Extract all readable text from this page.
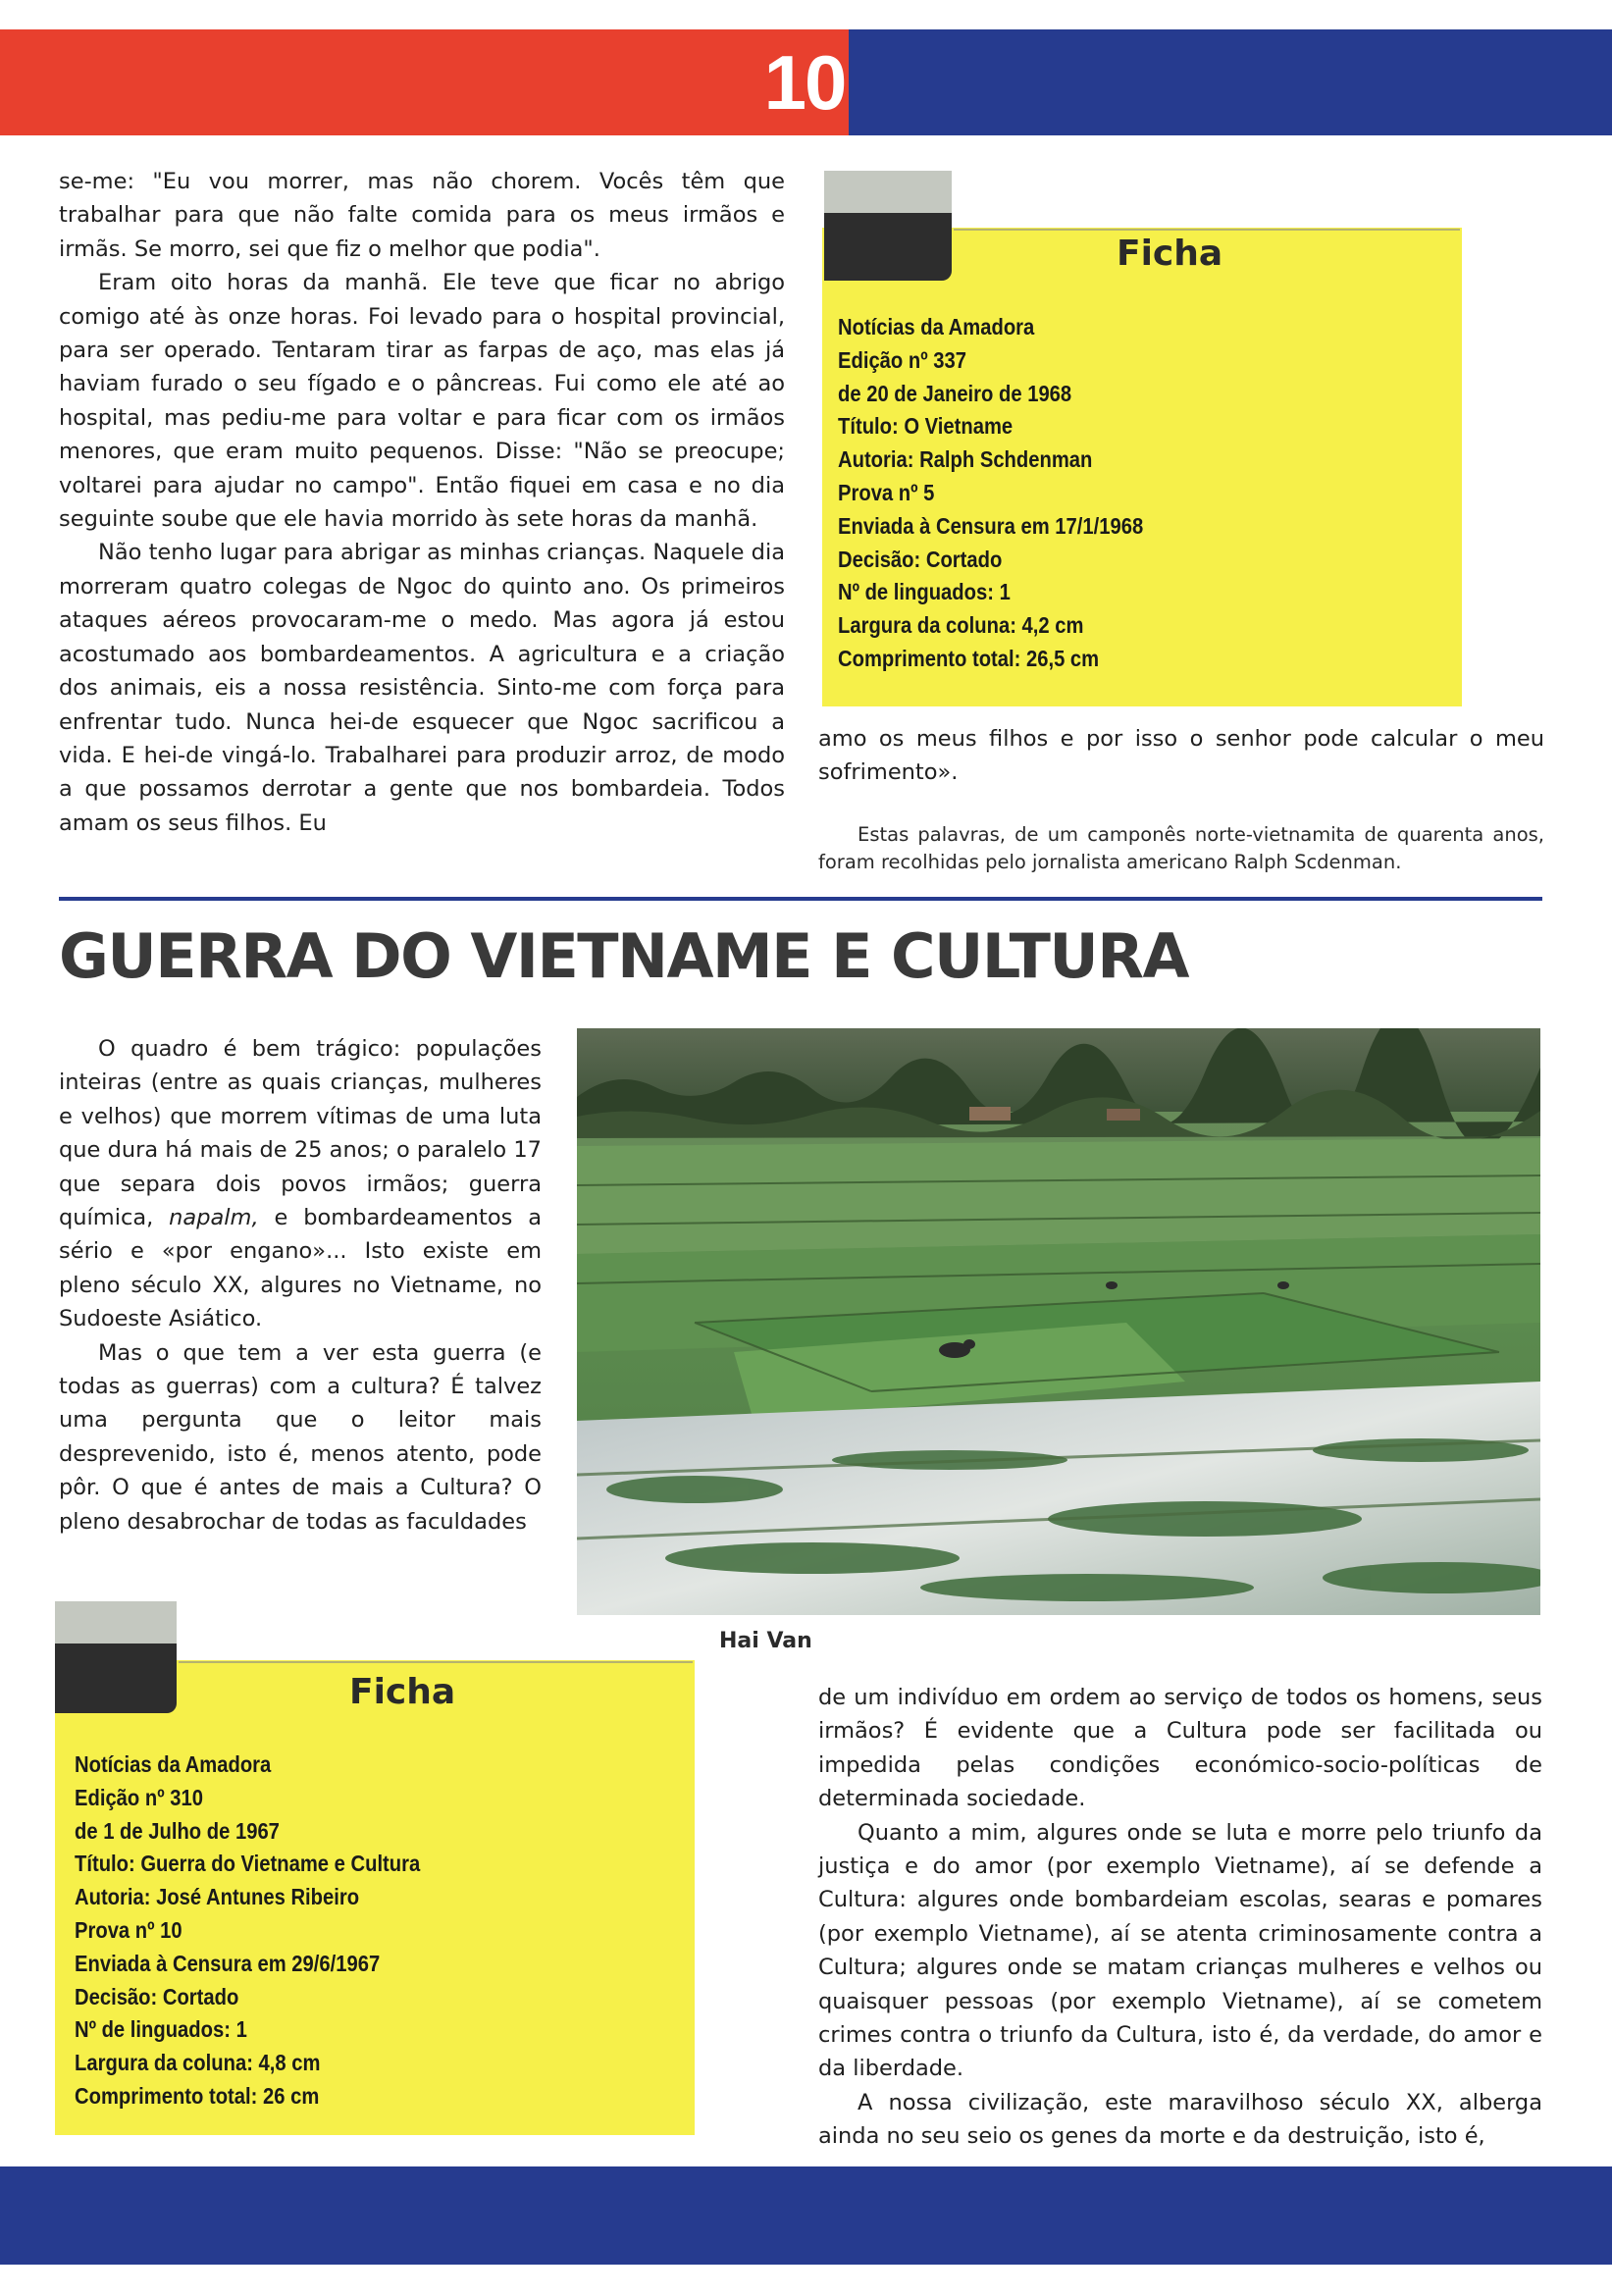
10

se-me: "Eu vou morrer, mas não chorem. Vocês têm que trabalhar para que não falte comida para os meus irmãos e irmãs. Se morro, sei que fiz o melhor que podia".

Eram oito horas da manhã. Ele teve que ficar no abrigo comigo até às onze horas. Foi levado para o hospital provincial, para ser operado. Tentaram tirar as farpas de aço, mas elas já haviam furado o seu fígado e o pâncreas. Fui como ele até ao hospital, mas pediu-me para voltar e para ficar com os irmãos menores, que eram muito pequenos. Disse: "Não se preocupe; voltarei para ajudar no campo". Então fiquei em casa e no dia seguinte soube que ele havia morrido às sete horas da manhã.

Não tenho lugar para abrigar as minhas crianças. Naquele dia morreram quatro colegas de Ngoc do quinto ano. Os primeiros ataques aéreos provocaram-me o medo. Mas agora já estou acostumado aos bombardeamentos. A agricultura e a criação dos animais, eis a nossa resistência. Sinto-me com força para enfrentar tudo. Nunca hei-de esquecer que Ngoc sacrificou a vida. E hei-de vingá-lo. Trabalharei para produzir arroz, de modo a que possamos derrotar a gente que nos bombardeia. Todos amam os seus filhos. Eu

Ficha
Notícias da Amadora
Edição nº 337
de 20 de Janeiro de 1968
Título: O Vietname
Autoria: Ralph Schdenman
Prova nº 5
Enviada à Censura em 17/1/1968
Decisão: Cortado
Nº de linguados: 1
Largura da coluna: 4,2 cm
Comprimento total: 26,5 cm

amo os meus filhos e por isso o senhor pode calcular o meu sofrimento».

Estas palavras, de um camponês norte-vietnamita de quarenta anos, foram recolhidas pelo jornalista americano Ralph Scdenman.
GUERRA DO VIETNAME E CULTURA

O quadro é bem trágico: populações inteiras (entre as quais crianças, mulheres e velhos) que morrem vítimas de uma luta que dura há mais de 25 anos; o paralelo 17 que separa dois povos irmãos; guerra química, napalm, e bombardeamentos a sério e «por engano»... Isto existe em pleno século XX, algures no Vietname, no Sudoeste Asiático.

Mas o que tem a ver esta guerra (e todas as guerras) com a cultura? É talvez uma pergunta que o leitor mais desprevenido, isto é, menos atento, pode pôr. O que é antes de mais a Cultura? O pleno desabrochar de todas as faculdades

Hai Van
Ficha
Notícias da Amadora
Edição nº 310
de 1 de Julho de 1967
Título: Guerra do Vietname e Cultura
Autoria: José Antunes Ribeiro
Prova nº 10
Enviada à Censura em 29/6/1967
Decisão: Cortado
Nº de linguados: 1
Largura da coluna: 4,8 cm
Comprimento total: 26 cm

de um indivíduo em ordem ao serviço de todos os homens, seus irmãos? É evidente que a Cultura pode ser facilitada ou impedida pelas condições económico-socio-políticas de determinada sociedade.

Quanto a mim, algures onde se luta e morre pelo triunfo da justiça e do amor (por exemplo Vietname), aí se defende a Cultura: algures onde bombardeiam escolas, searas e pomares (por exemplo Vietname), aí se atenta criminosamente contra a Cultura; algures onde se matam crianças mulheres e velhos ou quaisquer pessoas (por exemplo Vietname), aí se cometem crimes contra o triunfo da Cultura, isto é, da verdade, do amor e da liberdade.

A nossa civilização, este maravilhoso século XX, alberga ainda no seu seio os genes da morte e da destruição, isto é,
